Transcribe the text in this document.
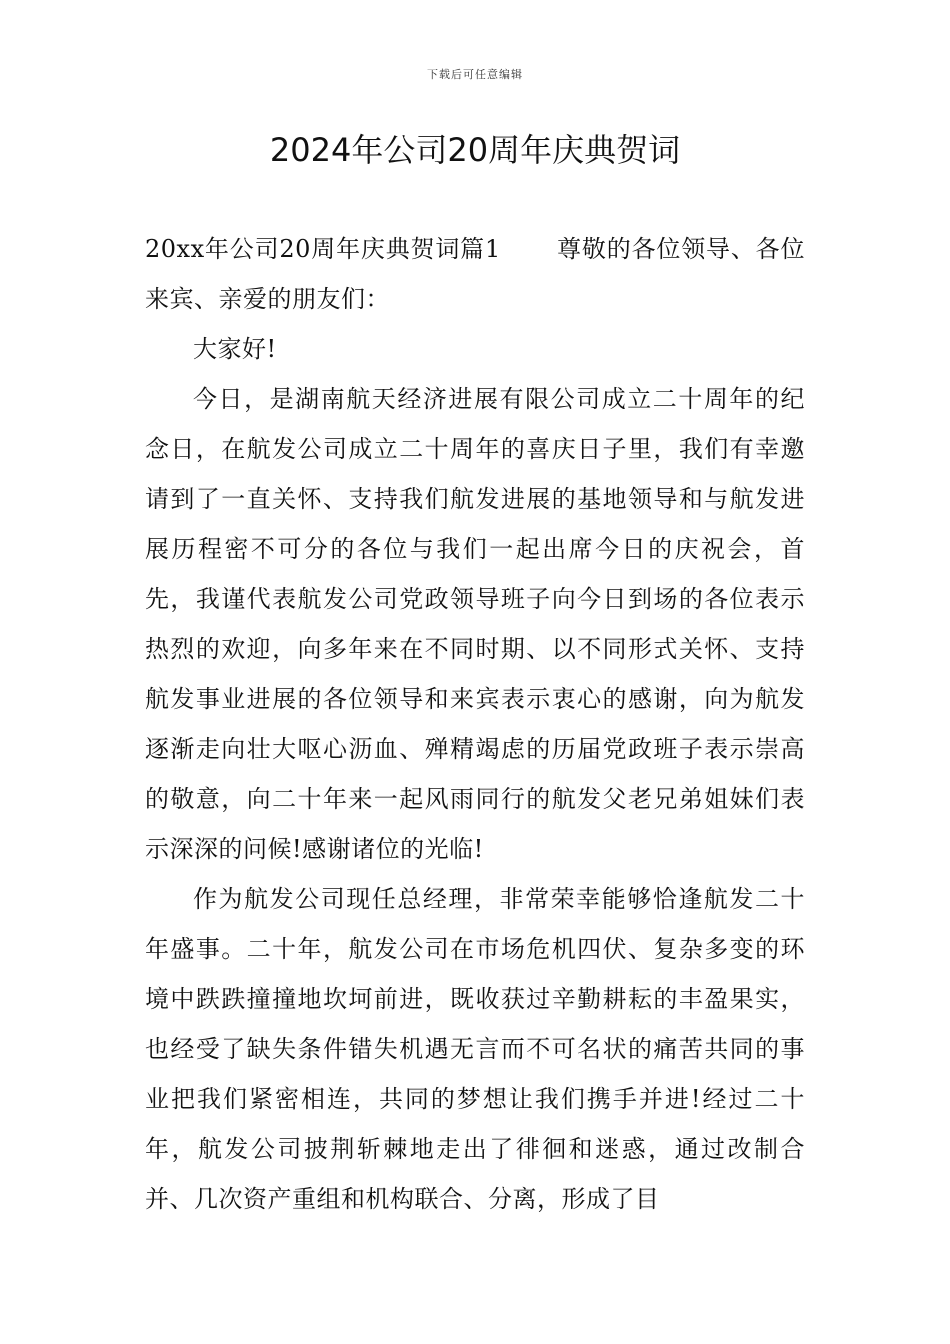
下载后可任意编辑
2024年公司20周年庆典贺词

20xx年公司20周年庆典贺词篇1 尊敬的各位领导、各位来宾、亲爱的朋友们：

大家好!

今日，是湖南航天经济进展有限公司成立二十周年的纪念日，在航发公司成立二十周年的喜庆日子里，我们有幸邀请到了一直关怀、支持我们航发进展的基地领导和与航发进展历程密不可分的各位与我们一起出席今日的庆祝会，首先，我谨代表航发公司党政领导班子向今日到场的各位表示热烈的欢迎，向多年来在不同时期、以不同形式关怀、支持航发事业进展的各位领导和来宾表示衷心的感谢，向为航发逐渐走向壮大呕心沥血、殚精竭虑的历届党政班子表示崇高的敬意，向二十年来一起风雨同行的航发父老兄弟姐妹们表示深深的问候!感谢诸位的光临!

作为航发公司现任总经理，非常荣幸能够恰逢航发二十年盛事。二十年，航发公司在市场危机四伏、复杂多变的环境中跌跌撞撞地坎坷前进，既收获过辛勤耕耘的丰盈果实，也经受了缺失条件错失机遇无言而不可名状的痛苦共同的事业把我们紧密相连，共同的梦想让我们携手并进!经过二十年，航发公司披荆斩棘地走出了徘徊和迷惑，通过改制合并、几次资产重组和机构联合、分离，形成了目
